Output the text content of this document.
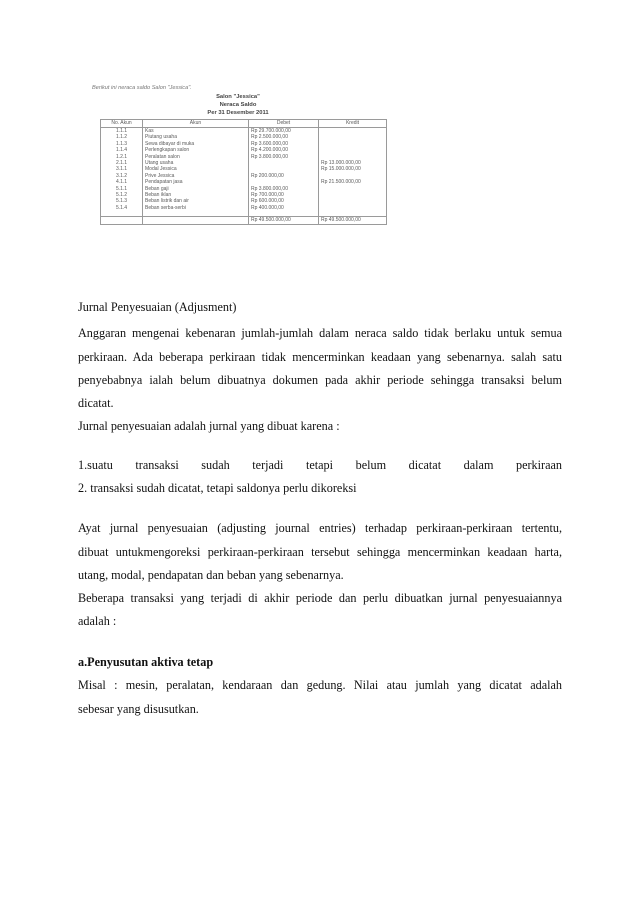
Berikut ini neraca saldo Salon "Jessica".
Salon "Jessica"
Neraca Saldo
Per 31 Desember 2011
No. Akun	Akun	Debet	Kredit
1.1.1	Kas	Rp 29.700.000,00	
1.1.2	Piutang usaha	Rp 2.500.000,00	
1.1.3	Sewa dibayar di muka	Rp 3.600.000,00	
1.1.4	Perlengkapan salon	Rp 4.200.000,00	
1.2.1	Peralatan salon	Rp 3.800.000,00	
2.1.1	Utang usaha		Rp 13.000.000,00
3.1.1	Modal Jessica		Rp 15.000.000,00
3.1.2	Prive Jessica	Rp 200.000,00	
4.1.1	Pendapatan jasa		Rp 21.500.000,00
5.1.1	Beban gaji	Rp 3.800.000,00	
5.1.2	Beban iklan	Rp 700.000,00	
5.1.3	Beban listrik dan air	Rp 600.000,00	
5.1.4	Beban serba-serbi	Rp 400.000,00	

		Rp 49.500.000,00	Rp 49.500.000,00
Jurnal Penyesuaian (Adjusment)
Anggaran mengenai kebenaran jumlah-jumlah dalam neraca saldo tidak berlaku untuk semua
perkiraan. Ada beberapa perkiraan tidak mencerminkan keadaan yang sebenarnya. salah satu
penyebabnya ialah belum dibuatnya dokumen pada akhir periode sehingga transaksi belum
dicatat.
Jurnal penyesuaian adalah jurnal yang dibuat karena :
1.suatu transaksi sudah terjadi tetapi belum dicatat dalam perkiraan
2. transaksi sudah dicatat, tetapi saldonya perlu dikoreksi
Ayat jurnal penyesuaian (adjusting journal entries) terhadap perkiraan-perkiraan tertentu,
dibuat untukmengoreksi perkiraan-perkiraan tersebut sehingga mencerminkan keadaan harta,
utang, modal, pendapatan dan beban yang sebenarnya.
Beberapa transaksi yang terjadi di akhir periode dan perlu dibuatkan jurnal penyesuaiannya
adalah :
a.Penyusutan aktiva tetap
Misal : mesin, peralatan, kendaraan dan gedung. Nilai atau jumlah yang dicatat adalah
sebesar yang disusutkan.
